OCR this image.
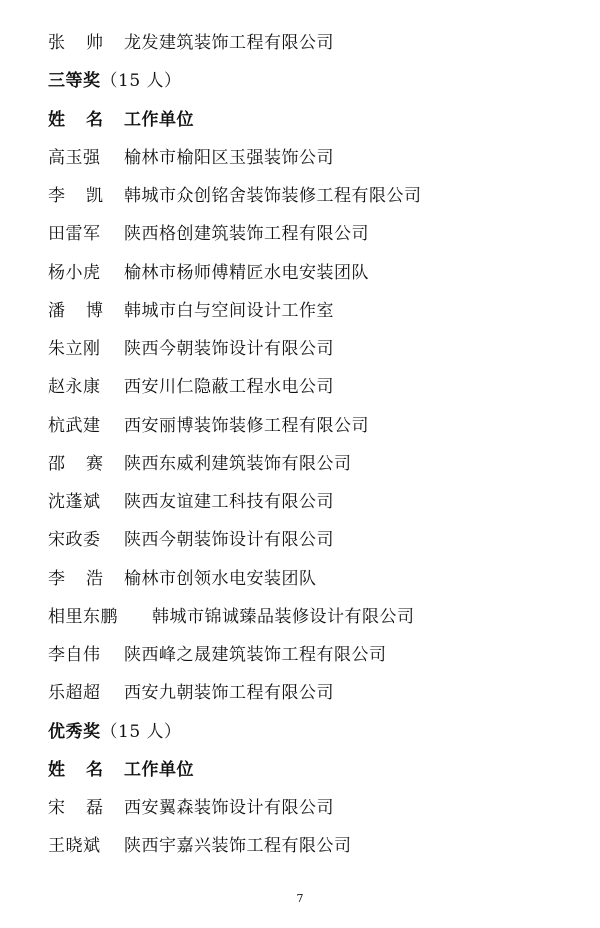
张 帅 龙发建筑装饰工程有限公司
三等奖（15 人）
姓 名 工作单位
高玉强 榆林市榆阳区玉强装饰公司
李 凯 韩城市众创铭舍装饰装修工程有限公司
田雷军 陕西格创建筑装饰工程有限公司
杨小虎 榆林市杨师傅精匠水电安装团队
潘 博 韩城市白与空间设计工作室
朱立刚 陕西今朝装饰设计有限公司
赵永康 西安川仁隐蔽工程水电公司
杭武建 西安丽博装饰装修工程有限公司
邵 赛 陕西东威利建筑装饰有限公司
沈蓬斌 陕西友谊建工科技有限公司
宋政委 陕西今朝装饰设计有限公司
李 浩 榆林市创领水电安装团队
相里东鹏 韩城市锦诚臻品装修设计有限公司
李自伟 陕西峰之晟建筑装饰工程有限公司
乐超超 西安九朝装饰工程有限公司
优秀奖（15 人）
姓 名 工作单位
宋 磊 西安翼森装饰设计有限公司
王晓斌 陕西宇嘉兴装饰工程有限公司
7
